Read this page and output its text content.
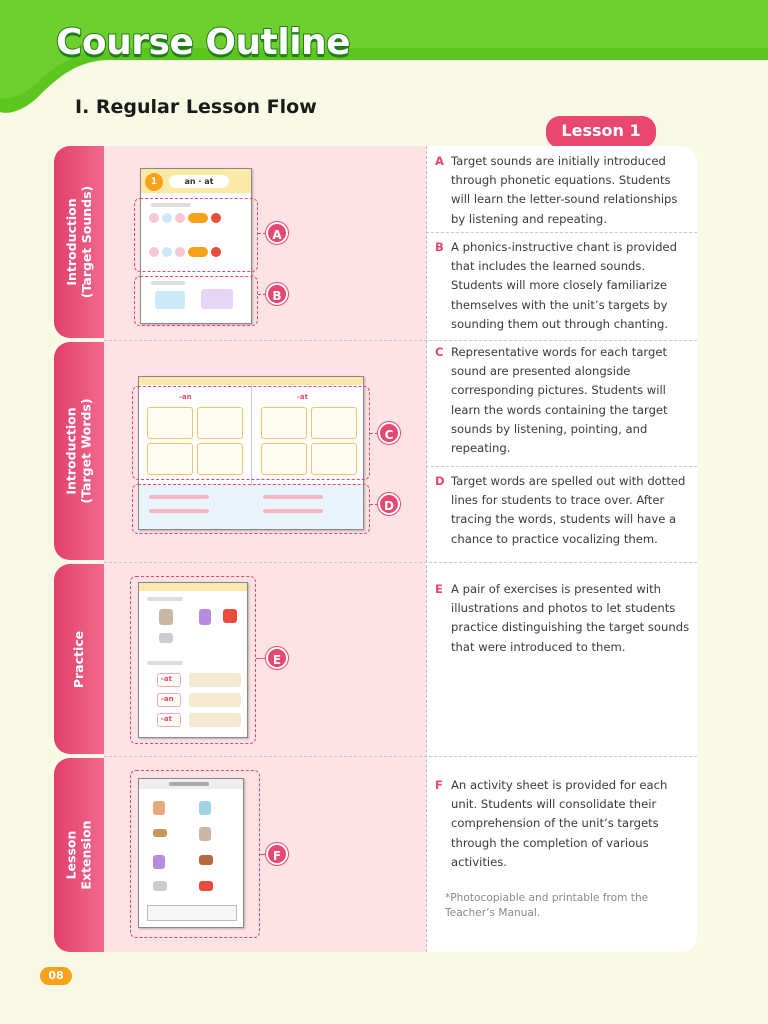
Course Outline
I. Regular Lesson Flow
Lesson 1
Introduction
(Target Sounds)
Introduction
(Target Words)
Practice
Lesson
Extension
A Target sounds are initially introduced through phonetic equations. Students will learn the letter-sound relationships by listening and repeating.
B A phonics-instructive chant is provided that includes the learned sounds. Students will more closely familiarize themselves with the unit’s targets by sounding them out through chanting.
C Representative words for each target sound are presented alongside corresponding pictures. Students will learn the words containing the target sounds by listening, pointing, and repeating.
D Target words are spelled out with dotted lines for students to trace over. After tracing the words, students will have a chance to practice vocalizing them.
E A pair of exercises is presented with illustrations and photos to let students practice distinguishing the target sounds that were introduced to them.
F An activity sheet is provided for each unit. Students will consolidate their comprehension of the unit’s targets through the completion of various activities.
*Photocopiable and printable from the Teacher’s Manual.
1	an · at
A
B
-an	-at
C
D
-at
-an
-at
E
F
08
